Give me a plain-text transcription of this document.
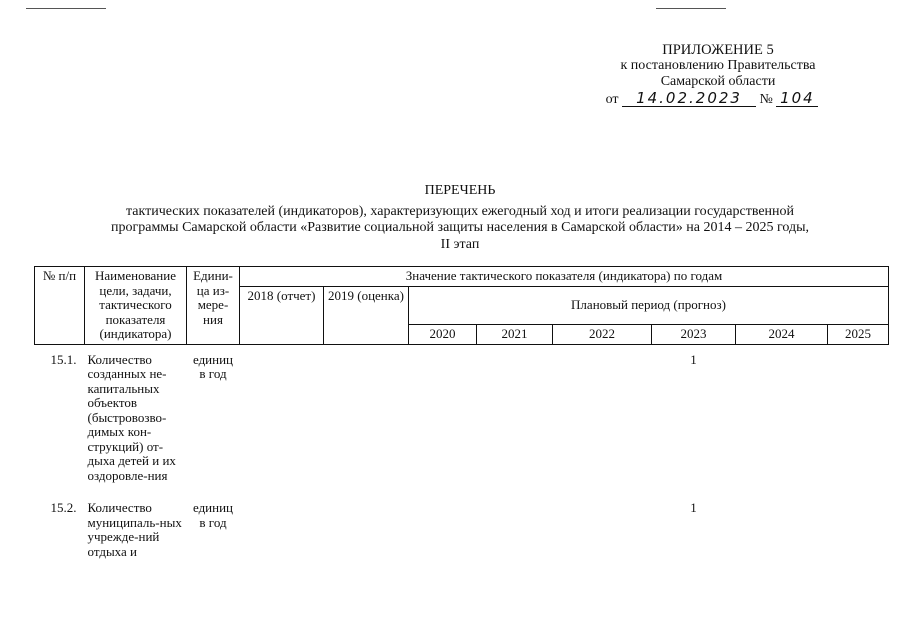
ПРИЛОЖЕНИЕ 5
к постановлению Правительства
Самарской области
от 14.02.2023 № 104
ПЕРЕЧЕНЬ
тактических показателей (индикаторов), характеризующих ежегодный ход и итоги реализации государственной
программы Самарской области «Развитие социальной защиты населения в Самарской области» на 2014 – 2025 годы,
II этап
№ п/п	Наименование цели, задачи, тактического показателя (индикатора)	Едини-ца из-мере-ния	Значение тактического показателя (индикатора) по годам							
			2018 (отчет)	2019 (оценка)	Плановый период (прогноз)					
					2020	2021	2022	2023	2024	2025
15.1.	Количество созданных не-капитальных объектов (быстровозво-димых кон-струкций) от-дыха детей и их оздоровле-ния	единиц в год						1		
15.2.	Количество муниципаль-ных учрежде-ний отдыха и	единиц в год						1		
